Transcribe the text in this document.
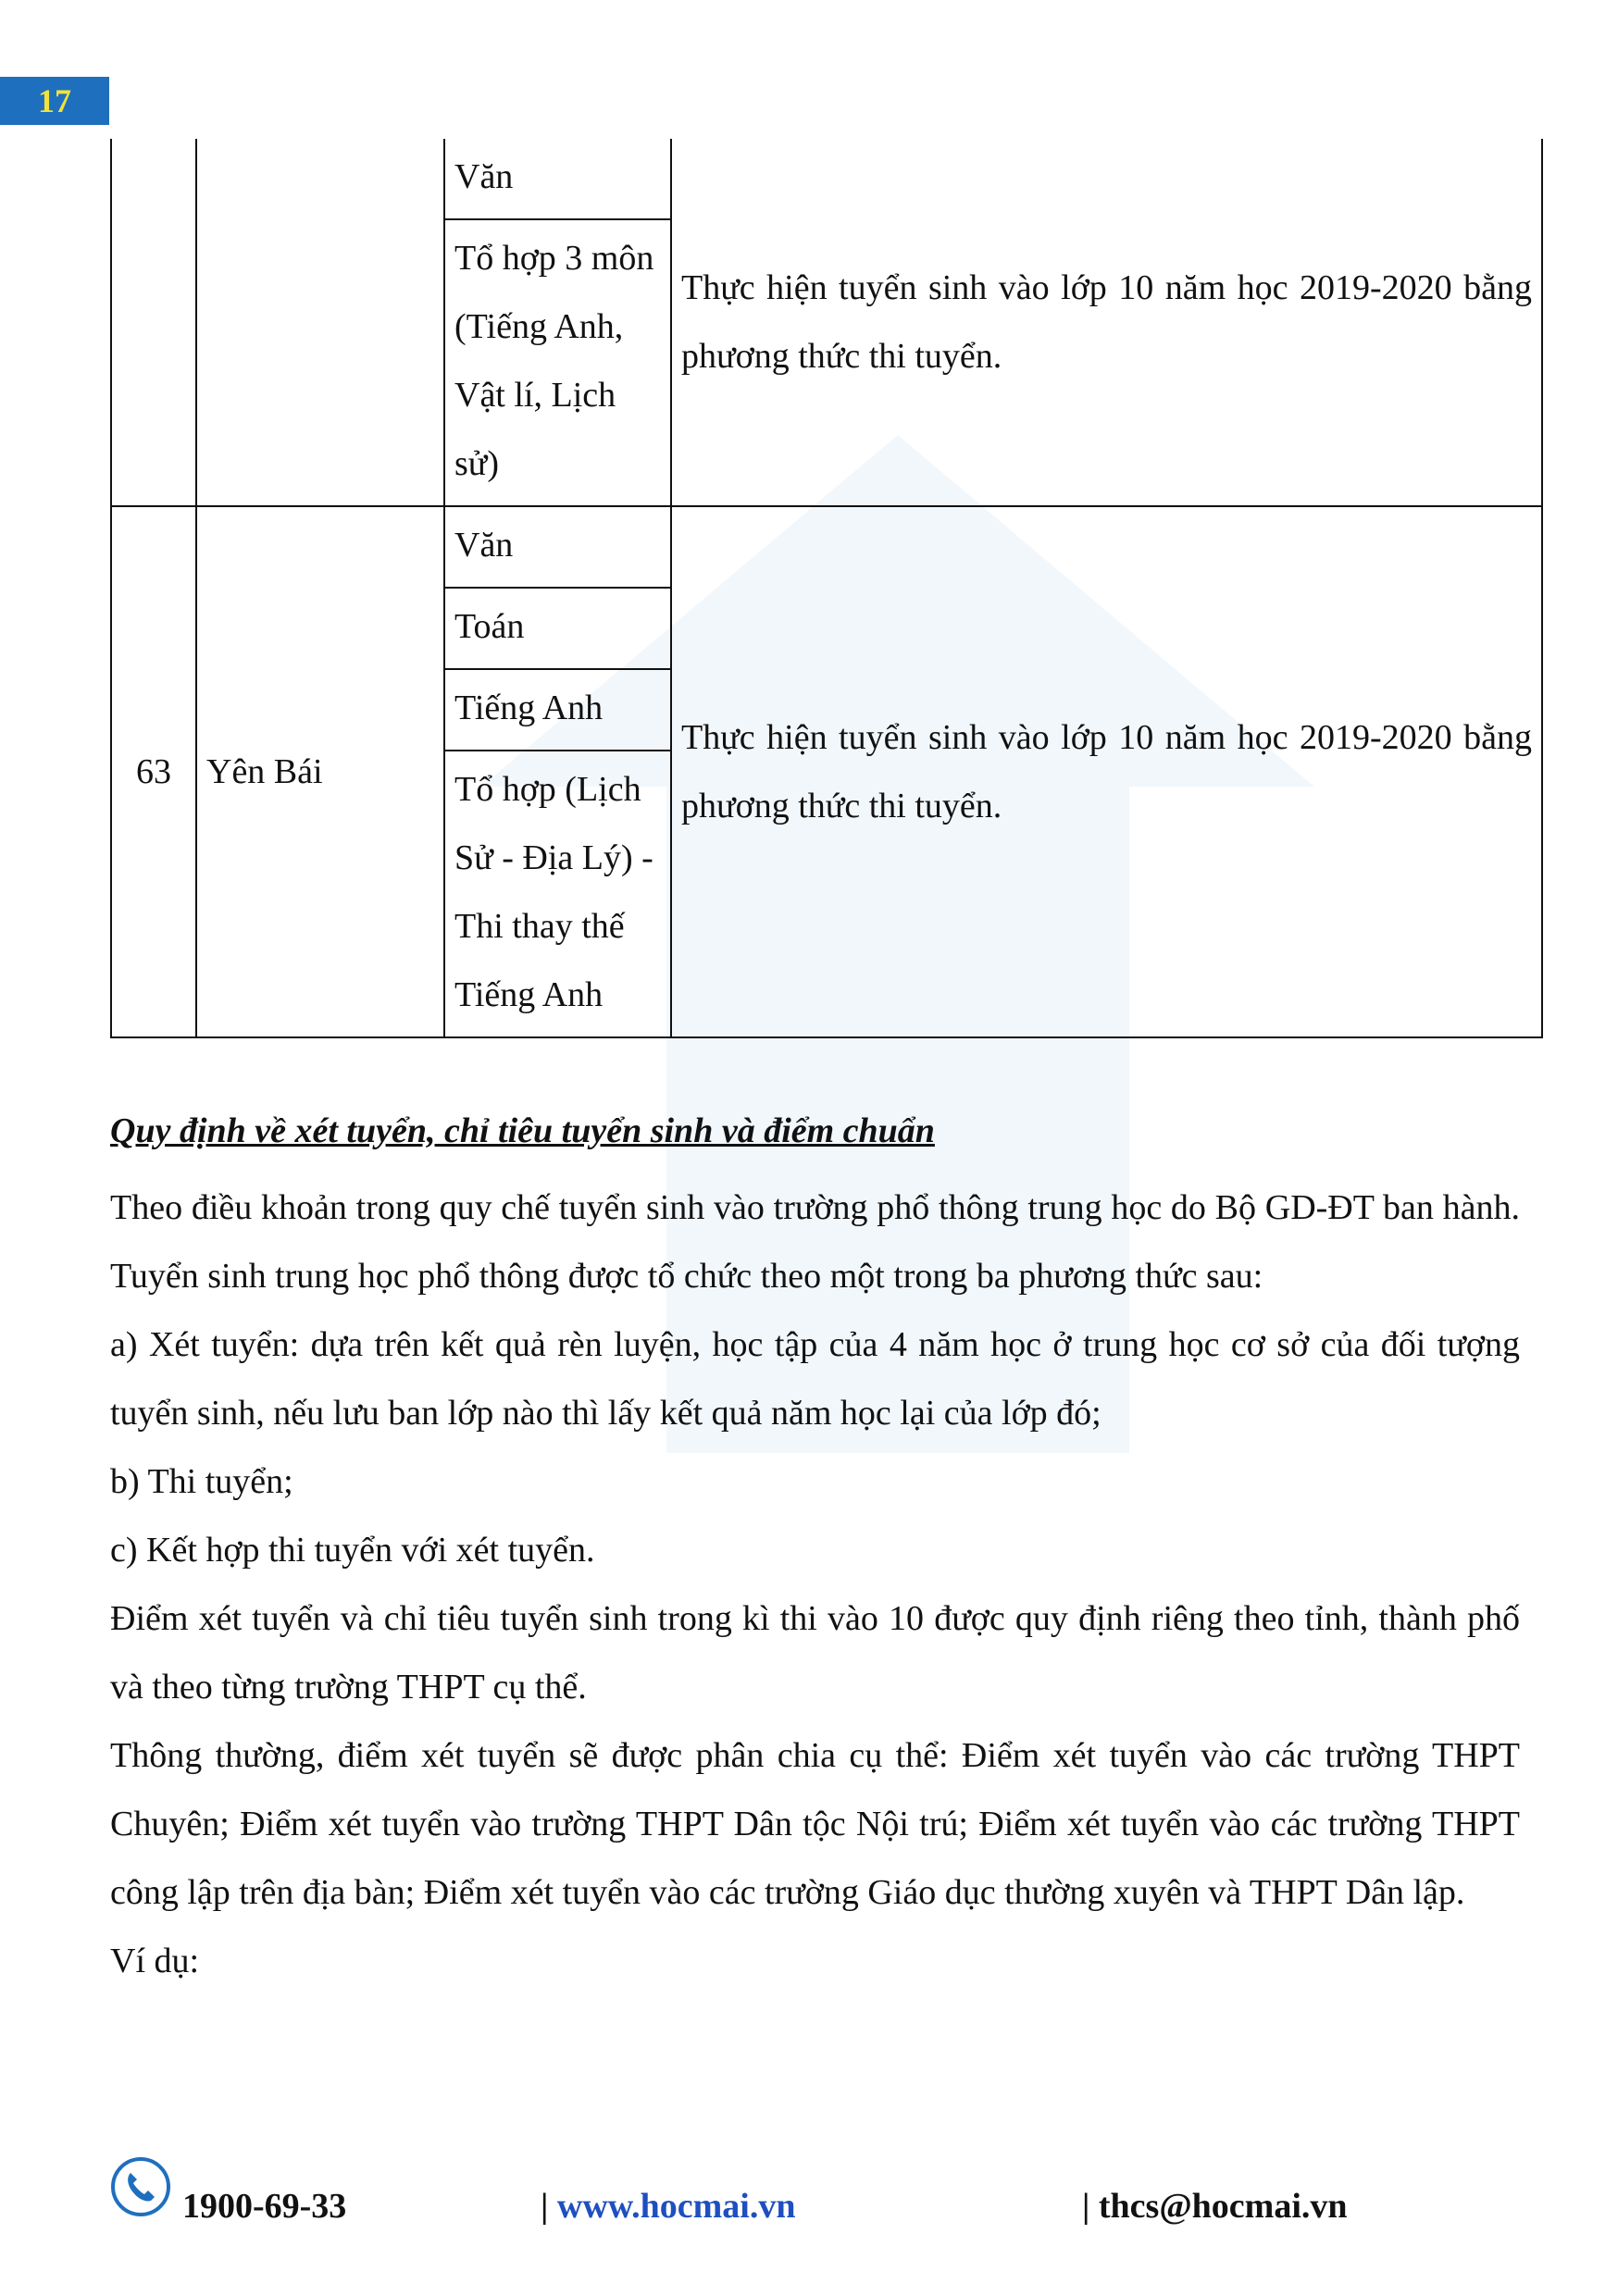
17
		Văn	Thực hiện tuyển sinh vào lớp 10 năm học 2019-2020 bằng phương thức thi tuyển.
		Tổ hợp 3 môn (Tiếng Anh, Vật lí, Lịch sử)	
63	Yên Bái	Văn	Thực hiện tuyển sinh vào lớp 10 năm học 2019-2020 bằng phương thức thi tuyển.
		Toán	
		Tiếng Anh	
		Tổ hợp (Lịch Sử - Địa Lý) - Thi thay thế Tiếng Anh	
Quy định về xét tuyển, chỉ tiêu tuyển sinh và điểm chuẩn

Theo điều khoản trong quy chế tuyển sinh vào trường phổ thông trung học do Bộ GD-ĐT ban hành. Tuyển sinh trung học phổ thông được tổ chức theo một trong ba phương thức sau:

a) Xét tuyển: dựa trên kết quả rèn luyện, học tập của 4 năm học ở trung học cơ sở của đối tượng tuyển sinh, nếu lưu ban lớp nào thì lấy kết quả năm học lại của lớp đó;

b) Thi tuyển;

c) Kết hợp thi tuyển với xét tuyển.

Điểm xét tuyển và chỉ tiêu tuyển sinh trong kì thi vào 10 được quy định riêng theo tỉnh, thành phố và theo từng trường THPT cụ thể.

Thông thường, điểm xét tuyển sẽ được phân chia cụ thể: Điểm xét tuyển vào các trường THPT Chuyên; Điểm xét tuyển vào trường THPT Dân tộc Nội trú; Điểm xét tuyển vào các trường THPT công lập trên địa bàn; Điểm xét tuyển vào các trường Giáo dục thường xuyên và THPT Dân lập.

Ví dụ:

1900-69-33	| www.hocmai.vn	| thcs@hocmai.vn
